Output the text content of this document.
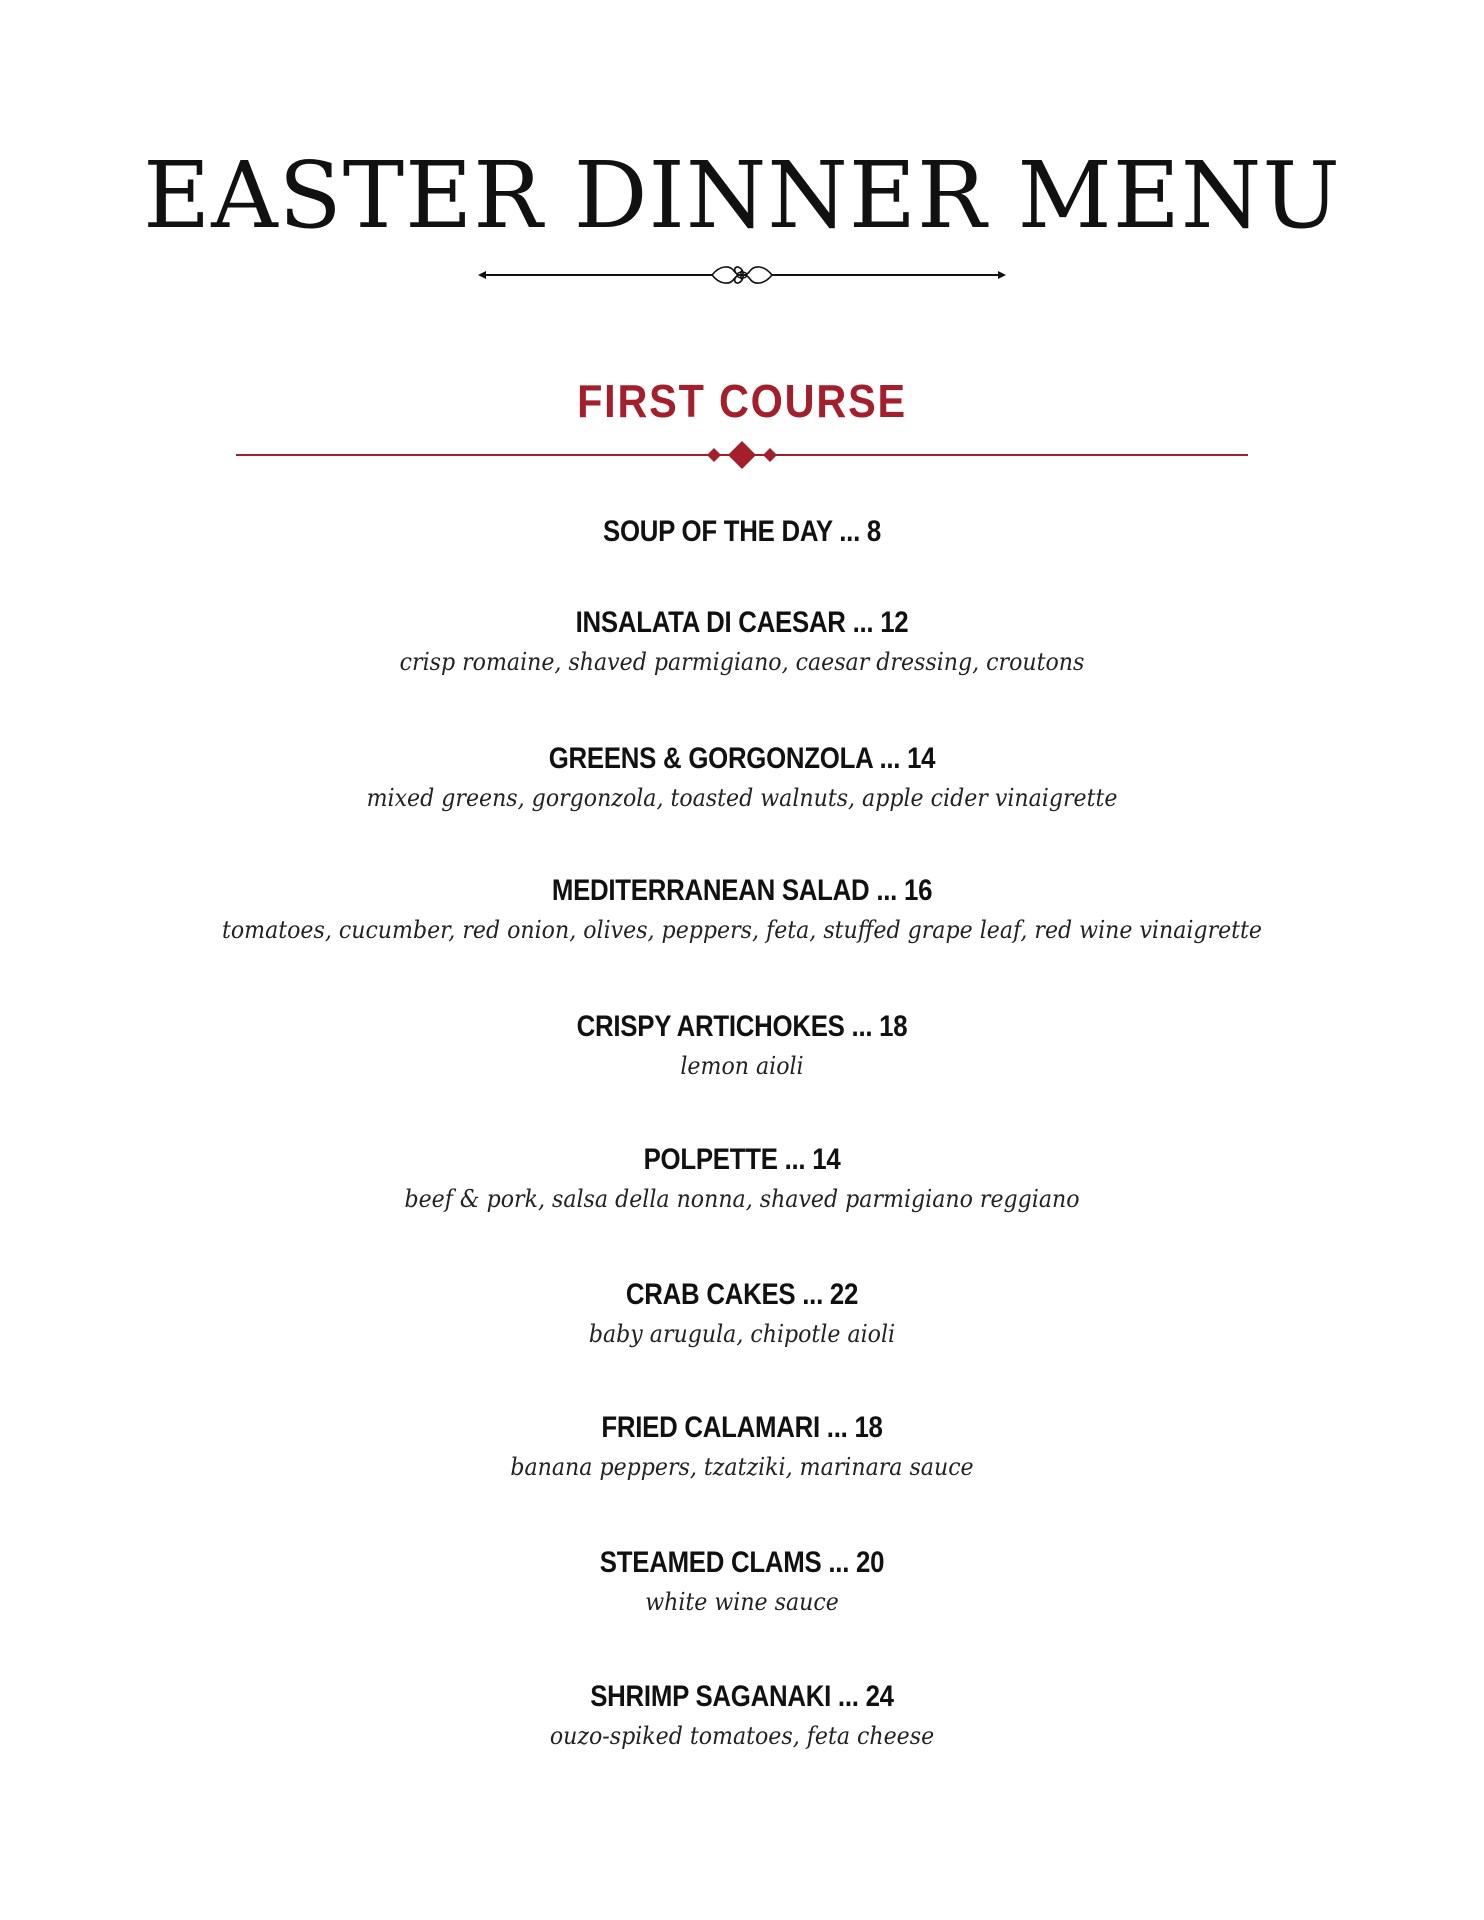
EASTER DINNER MENU
FIRST COURSE
SOUP OF THE DAY ... 8
INSALATA DI CAESAR ... 12
crisp romaine, shaved parmigiano, caesar dressing, croutons
GREENS & GORGONZOLA ... 14
mixed greens, gorgonzola, toasted walnuts, apple cider vinaigrette
MEDITERRANEAN SALAD ... 16
tomatoes, cucumber, red onion, olives, peppers, feta, stuffed grape leaf, red wine vinaigrette
CRISPY ARTICHOKES ... 18
lemon aioli
POLPETTE ... 14
beef & pork, salsa della nonna, shaved parmigiano reggiano
CRAB CAKES ... 22
baby arugula, chipotle aioli
FRIED CALAMARI ... 18
banana peppers, tzatziki, marinara sauce
STEAMED CLAMS ... 20
white wine sauce
SHRIMP SAGANAKI ... 24
ouzo-spiked tomatoes, feta cheese
